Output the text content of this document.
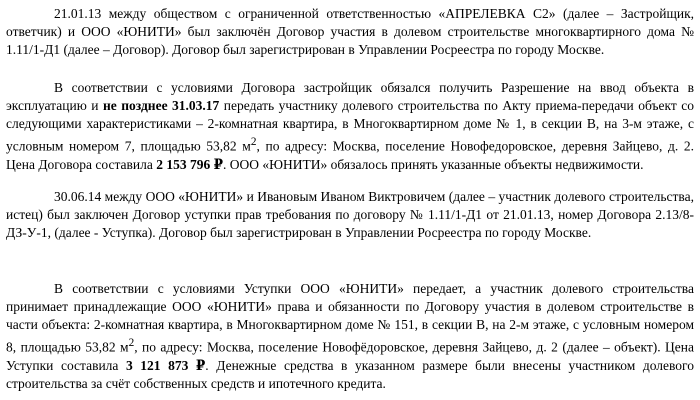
21.01.13 между обществом с ограниченной ответственностью «АПРЕЛЕВКА С2» (далее – Застройщик, ответчик) и ООО «ЮНИТИ» был заключён Договор участия в долевом строительстве многоквартирного дома № 1.11/1-Д1 (далее – Договор). Договор был зарегистрирован в Управлении Росреестра по городу Москве.

В соответствии с условиями Договора застройщик обязался получить Разрешение на ввод объекта в эксплуатацию и не позднее 31.03.17 передать участнику долевого строительства по Акту приема-передачи объект со следующими характеристиками – 2-комнатная квартира, в Многоквартирном доме № 1, в секции В, на 3-м этаже, с условным номером 7, площадью 53,82 $м^2$, по адресу: Москва, поселение Новофедоровское, деревня Зайцево, д. 2. Цена Договора составила 2 153 796 ₽. ООО «ЮНИТИ» обязалось принять указанные объекты недвижимости.

30.06.14 между ООО «ЮНИТИ» и Ивановым Иваном Виктровичем (далее – участник долевого строительства, истец) был заключен Договор уступки прав требования по договору № 1.11/1-Д1 от 21.01.13, номер Договора 2.13/8-ДЗ-У-1, (далее - Уступка). Договор был зарегистрирован в Управлении Росреестра по городу Москве.

В соответствии с условиями Уступки ООО «ЮНИТИ» передает, а участник долевого строительства принимает принадлежащие ООО «ЮНИТИ» права и обязанности по Договору участия в долевом строительстве в части объекта: 2-комнатная квартира, в Многоквартирном доме № 151, в секции В, на 2-м этаже, с условным номером 8, площадью 53,82 $м^2$, по адресу: Москва, поселение Новофёдоровское, деревня Зайцево, д. 2 (далее – объект). Цена Уступки составила 3 121 873 ₽. Денежные средства в указанном размере были внесены участником долевого строительства за счёт собственных средств и ипотечного кредита.
